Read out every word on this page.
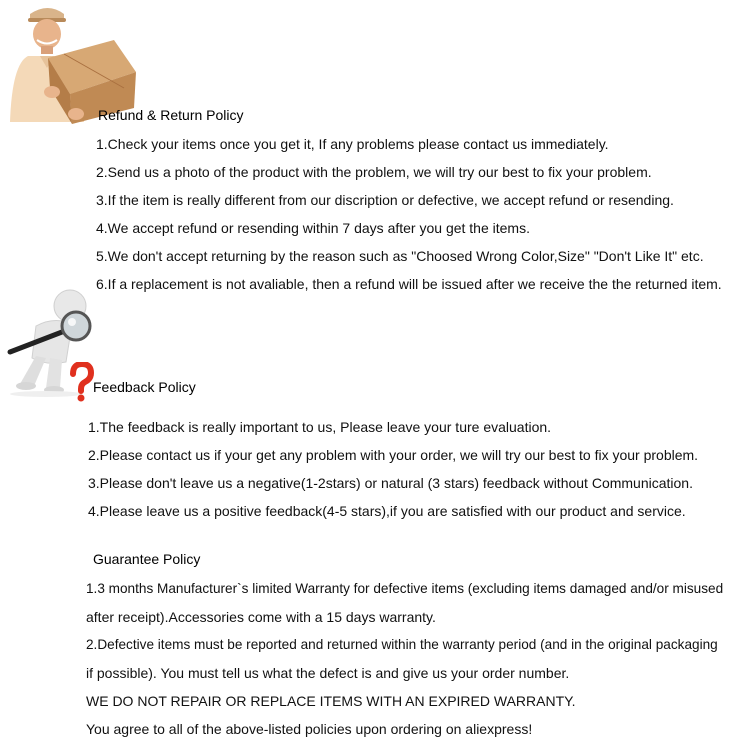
Refund & Return Policy
1.Check your items once you get it, If any problems please contact us immediately.
2.Send us a photo of the product with the problem, we will try our best to fix your problem.
3.If the item is really different from our discription or defective, we accept refund or resending.
4.We accept refund or resending within 7 days after you get the items.
5.We don't accept returning by the reason such as "Choosed Wrong Color,Size" "Don't Like It" etc.
6.If a replacement is not avaliable, then a refund will be issued after we receive the the returned item.
Feedback Policy
1.The feedback is really important to us, Please leave your ture evaluation.
2.Please contact us if your get any problem with your order, we will try our best to fix your problem.
3.Please don't leave us a negative(1-2stars) or natural (3 stars) feedback without Communication.
4.Please leave us a positive feedback(4-5 stars),if you are satisfied with our product and service.
Guarantee Policy
1.3 months Manufacturer`s limited Warranty for defective items (excluding items damaged and/or misused
after receipt).Accessories come with a 15 days warranty.
2.Defective items must be reported and returned within the warranty period (and in the original packaging
if possible). You must tell us what the defect is and give us your order number.
WE DO NOT REPAIR OR REPLACE ITEMS WITH AN EXPIRED WARRANTY.
You agree to all of the above-listed policies upon ordering on aliexpress!
